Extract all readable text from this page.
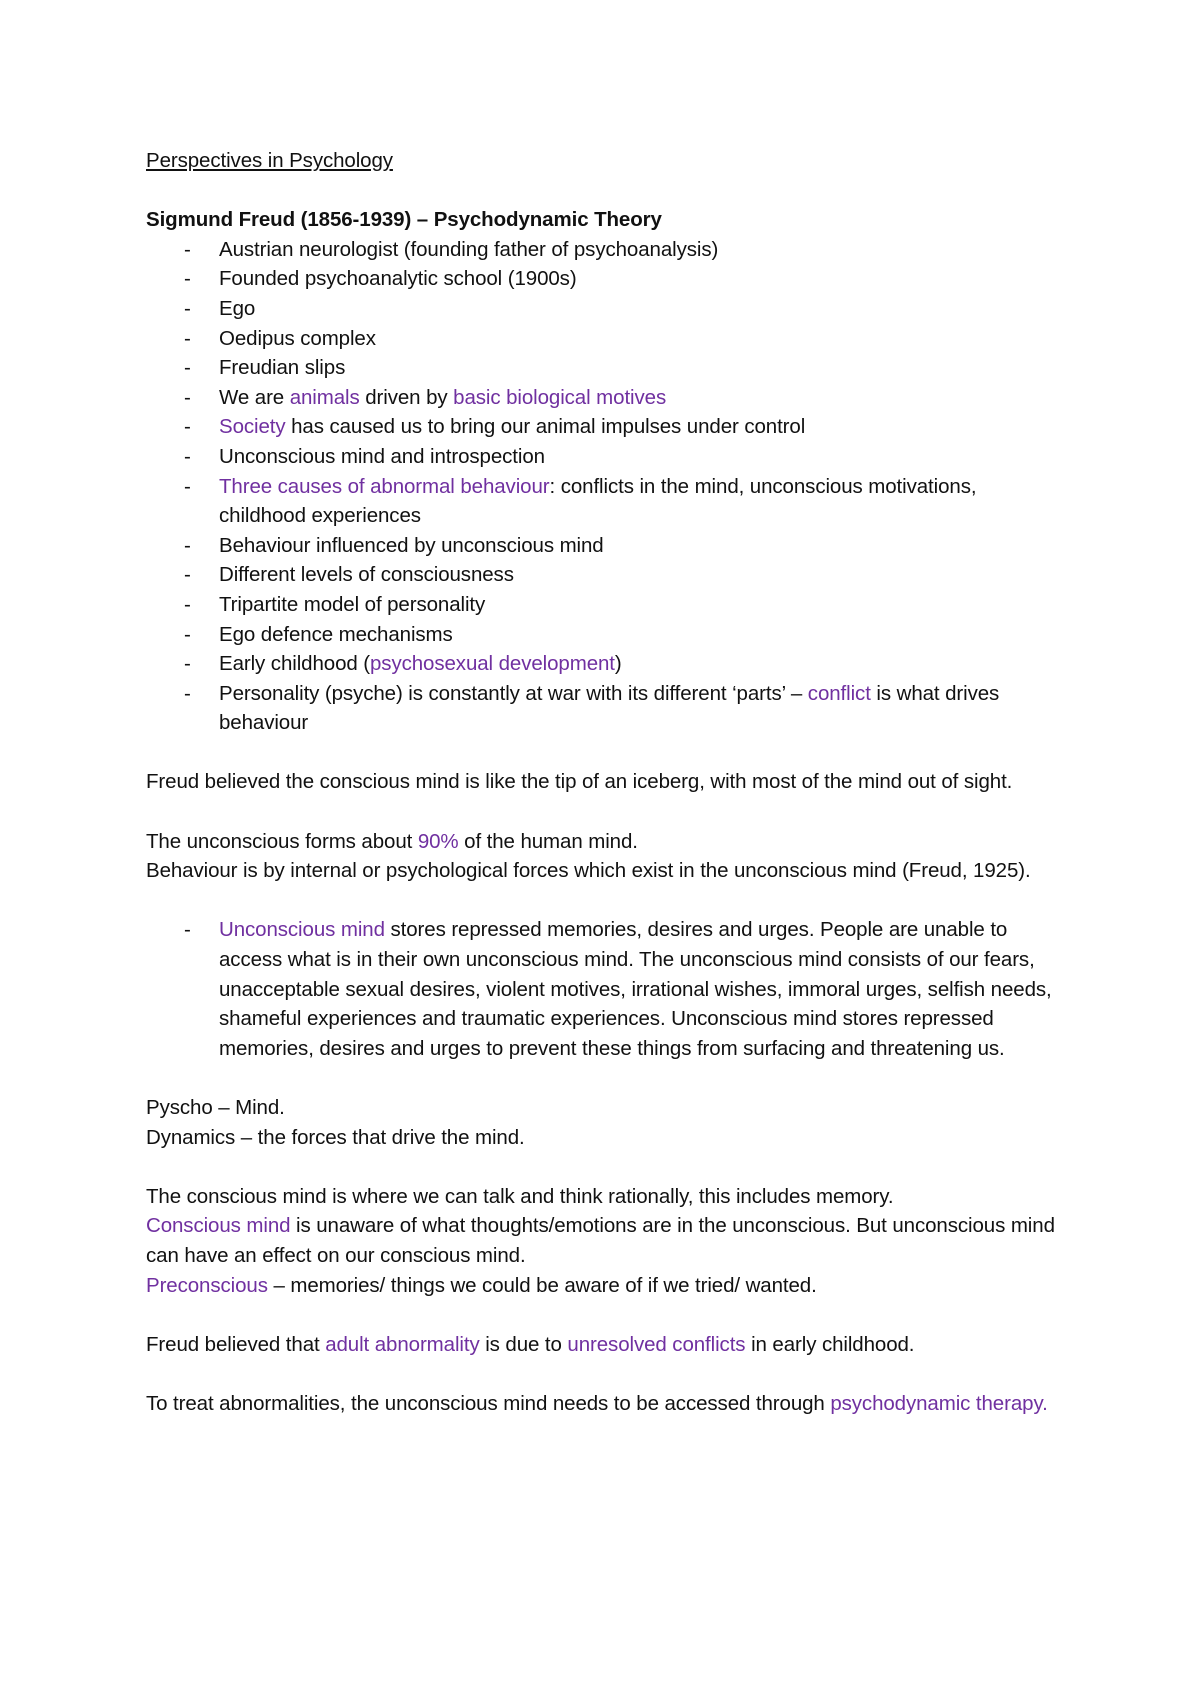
Perspectives in Psychology

Sigmund Freud (1856-1939) – Psychodynamic Theory

- Austrian neurologist (founding father of psychoanalysis)
- Founded psychoanalytic school (1900s)
- Ego
- Oedipus complex
- Freudian slips
- We are animals driven by basic biological motives
- Society has caused us to bring our animal impulses under control
- Unconscious mind and introspection
- Three causes of abnormal behaviour: conflicts in the mind, unconscious motivations, childhood experiences
- Behaviour influenced by unconscious mind
- Different levels of consciousness
- Tripartite model of personality
- Ego defence mechanisms
- Early childhood (psychosexual development)
- Personality (psyche) is constantly at war with its different ‘parts’ – conflict is what drives behaviour

Freud believed the conscious mind is like the tip of an iceberg, with most of the mind out of sight.

The unconscious forms about 90% of the human mind.

Behaviour is by internal or psychological forces which exist in the unconscious mind (Freud, 1925).

- Unconscious mind stores repressed memories, desires and urges. People are unable to access what is in their own unconscious mind. The unconscious mind consists of our fears, unacceptable sexual desires, violent motives, irrational wishes, immoral urges, selfish needs, shameful experiences and traumatic experiences. Unconscious mind stores repressed memories, desires and urges to prevent these things from surfacing and threatening us.

Pyscho – Mind.

Dynamics – the forces that drive the mind.

The conscious mind is where we can talk and think rationally, this includes memory.

Conscious mind is unaware of what thoughts/emotions are in the unconscious. But unconscious mind can have an effect on our conscious mind.

Preconscious – memories/ things we could be aware of if we tried/ wanted.

Freud believed that adult abnormality is due to unresolved conflicts in early childhood.

To treat abnormalities, the unconscious mind needs to be accessed through psychodynamic therapy.
